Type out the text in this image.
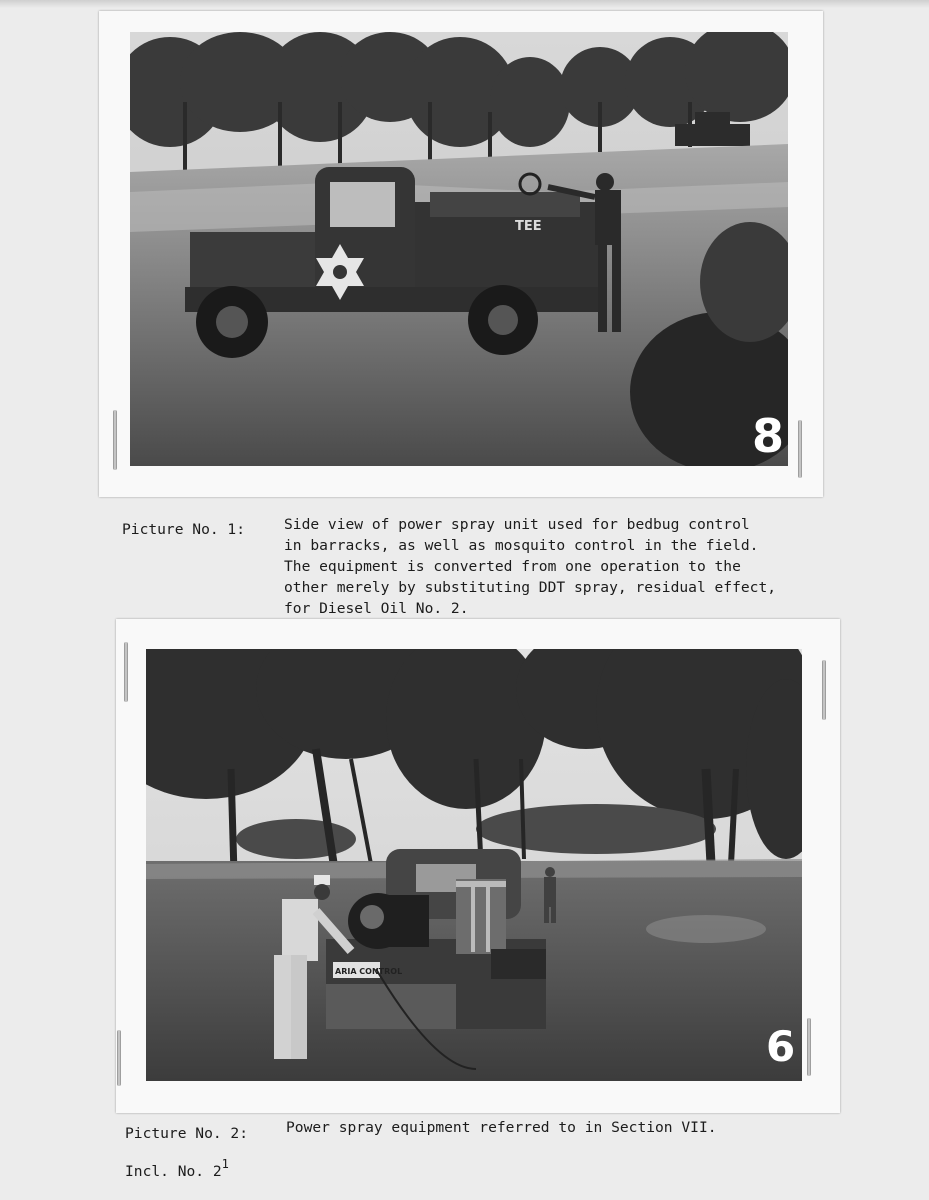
TEE
8
Picture No. 1:	Side view of power spray unit used for bedbug control
in barracks, as well as mosquito control in the field.
The equipment is converted from one operation to the
other merely by substituting DDT spray, residual effect,
for Diesel Oil No. 2.
ARIA CONTROL
6
Picture No. 2:	Power spray equipment referred to in Section VII.
Incl. No. $2^1$
